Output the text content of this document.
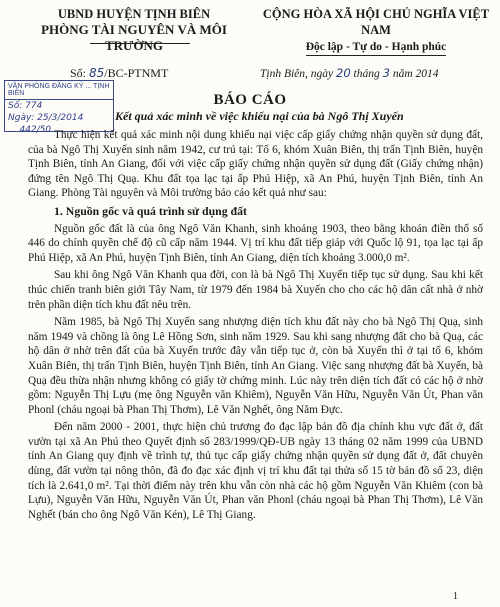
UBND HUYỆN TỊNH BIÊN
PHÒNG TÀI NGUYÊN VÀ MÔI TRƯỜNG
CỘNG HÒA XÃ HỘI CHỦ NGHĨA VIỆT NAM
Độc lập - Tự do - Hạnh phúc
Số: 85/BC-PTNMT	Tịnh Biên, ngày 20 tháng 3 năm 2014
VĂN PHÒNG ĐĂNG KÝ ... TỊNH BIÊN
Số: 774
Ngày: 25/3/2014
... 442/50
BÁO CÁO
Kết quả xác minh về việc khiếu nại của bà Ngô Thị Xuyến

Thực hiện kết quả xác minh nội dung khiếu nại việc cấp giấy chứng nhận quyền sử dụng đất, của bà Ngô Thị Xuyến sinh năm 1942, cư trú tại: Tổ 6, khóm Xuân Biên, thị trấn Tịnh Biên, huyện Tịnh Biên, tỉnh An Giang, đối với việc cấp giấy chứng nhận quyền sử dụng đất (Giấy chứng nhận) đứng tên Ngô Thị Quạ. Khu đất tọa lạc tại ấp Phú Hiệp, xã An Phú, huyện Tịnh Biên, tỉnh An Giang. Phòng Tài nguyên và Môi trường báo cáo kết quả như sau:

1. Nguồn gốc và quá trình sử dụng đất

Nguồn gốc đất là của ông Ngô Văn Khanh, sinh khoảng 1903, theo bằng khoán điền thổ số 446 do chính quyền chế độ cũ cấp năm 1944. Vị trí khu đất tiếp giáp với Quốc lộ 91, tọa lạc tại ấp Phú Hiệp, xã An Phú, huyện Tịnh Biên, tỉnh An Giang, diện tích khoảng 3.000,0 m².

Sau khi ông Ngô Văn Khanh qua đời, con là bà Ngô Thị Xuyến tiếp tục sử dụng. Sau khi kết thúc chiến tranh biên giới Tây Nam, từ 1979 đến 1984 bà Xuyến cho cho các hộ dân cất nhà ở nhờ trên phần diện tích khu đất nêu trên.

Năm 1985, bà Ngô Thị Xuyến sang nhượng diện tích khu đất này cho bà Ngô Thị Quạ, sinh năm 1949 và chồng là ông Lê Hồng Sơn, sinh năm 1929. Sau khi sang nhượng đất cho bà Quạ, các hộ dân ở nhờ trên đất của bà Xuyến trước đây vẫn tiếp tục ở, còn bà Xuyến thì ở tại tổ 6, khóm Xuân Biên, thị trấn Tịnh Biên, huyện Tịnh Biên, tỉnh An Giang. Việc sang nhượng đất bà Xuyến, bà Quạ đều thừa nhận nhưng không có giấy tờ chứng minh. Lúc này trên diện tích đất có các hộ ở nhờ gồm: Nguyễn Thị Lựu (mẹ ông Nguyễn văn Khiêm), Nguyễn Văn Hữu, Nguyễn Văn Út, Phan văn Phonl (cháu ngoại bà Phan Thị Thơm), Lê Văn Nghết, ông Năm Đực.

Đến năm 2000 - 2001, thực hiện chủ trương đo đạc lập bản đồ địa chính khu vực đất ở, đất vườn tại xã An Phú theo Quyết định số 283/1999/QĐ-UB ngày 13 tháng 02 năm 1999 của UBND tỉnh An Giang quy định về trình tự, thủ tục cấp giấy chứng nhận quyền sử dụng đất ở, đất chuyên dùng, đất vườn tại nông thôn, đã đo đạc xác định vị trí khu đất tại thửa số 15 tờ bản đồ số 23, diện tích là 2.641,0 m². Tại thời điểm này trên khu vẫn còn nhà các hộ gồm Nguyễn Văn Khiêm (con bà Lựu), Nguyễn Văn Hữu, Nguyễn Văn Út, Phan văn Phonl (cháu ngoại bà Phan Thị Thơm), Lê Văn Nghết (bán cho ông Ngô Văn Kén), Lê Thị Giang.

1
